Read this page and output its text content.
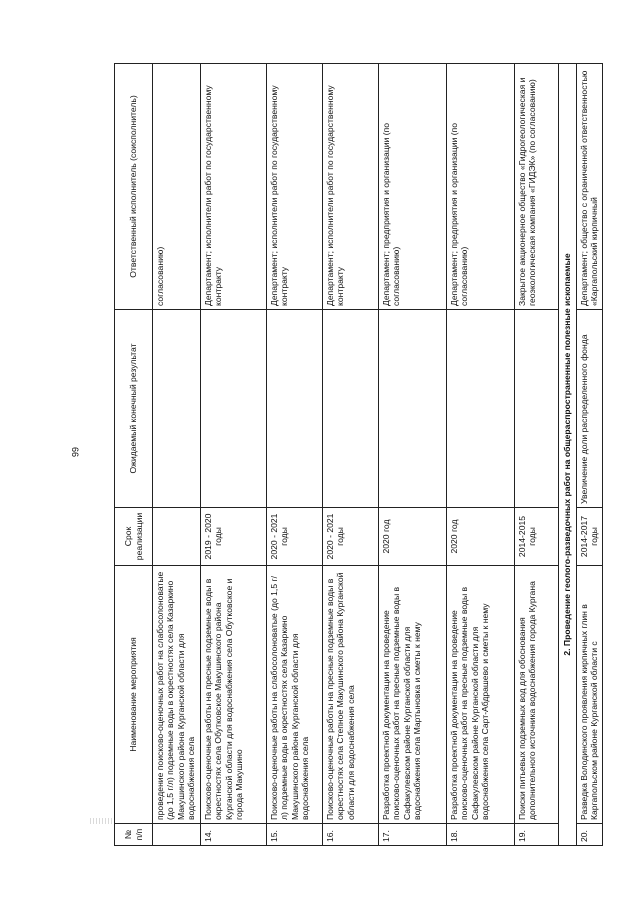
66
№ п/п	Наименование мероприятия	Срок реализации	Ожидаемый конечный результат	Ответственный исполнитель (соисполнитель)
	проведение поисково-оценочных работ на слабосолоноватые (до 1,5 г/л) подземные воды в окрестностях села Казаркино Макушинского района Курганской области для водоснабжения села			согласованию)
14.	Поисково-оценочные работы на пресные подземные воды в окрестностях села Обуткoвское Макушинского района Курганской области для водоснабжения села Обутковское и города Макушино	2019 - 2020 годы		Департамент; исполнители работ по государственному контракту
15.	Поисково-оценочные работы на слабосолоноватые (до 1,5 г/л) подземные воды в окрестностях села Казаркино Макушинского района Курганской области для водоснабжения села	2020 - 2021 годы		Департамент; исполнители работ по государственному контракту
16.	Поисково-оценочные работы на пресные подземные воды в окрестностях села Степное Макушинского района Курганской области для водоснабжения села	2020 - 2021 годы		Департамент; исполнители работ по государственному контракту
17.	Разработка проектной документации на проведение поисково-оценочных работ на пресные подземные воды в Сафакулевском районе Курганской области для водоснабжения села Мартыновка и сметы к нему	2020 год		Департамент; предприятия и организации (по согласованию)
18.	Разработка проектной документации на проведение поисково-оценочных работ на пресные подземные воды в Сафакулевском районе Курганской области для водоснабжения села Сарт-Абдрашево и сметы к нему	2020 год		Департамент; предприятия и организации (по согласованию)
19.	Поиски питьевых подземных вод для обоснования дополнительного источника водоснабжения города Кургана	2014-2015 годы		Закрытое акционерное общество «Гидрогеологическая и геоэкологическая компания «ГИДЭК» (по согласованию)
2. Проведение геолого-разведочных работ на общераспространенные полезные ископаемые				
20.	Разведка Володинского проявления кирпичных глин в Каргапольском районе Курганской области с	2014-2017 годы	Увеличение доли распределенного фонда	Департамент; общество с ограниченной ответственностью «Каргапольский кирпичный
